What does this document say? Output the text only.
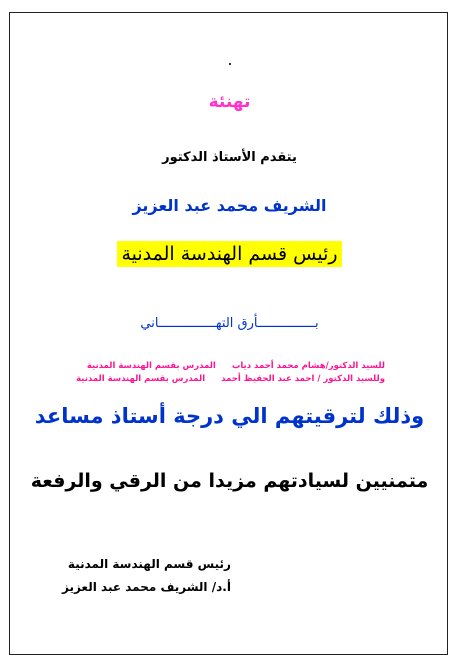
تهنئة
يتقدم الأستاذ الدكتور
الشريف محمد عبد العزيز
رئيس قسم الهندسة المدنية
بـــــــــــــــأرق التهـــــــــــــــاني
للسيد الدكتور/هشام محمد أحمد دياب
المدرس بقسم الهندسة المدنية
وللسيد الدكتور / احمد عبد الحفيظ أحمد
المدرس بقسم الهندسة المدنية
وذلك لترقيتهم الي درجة أستاذ مساعد
متمنيين لسيادتهم مزيدا من الرقي والرفعة
رئيس قسم الهندسة المدنية
أ.د/ الشريف محمد عبد العزيز
